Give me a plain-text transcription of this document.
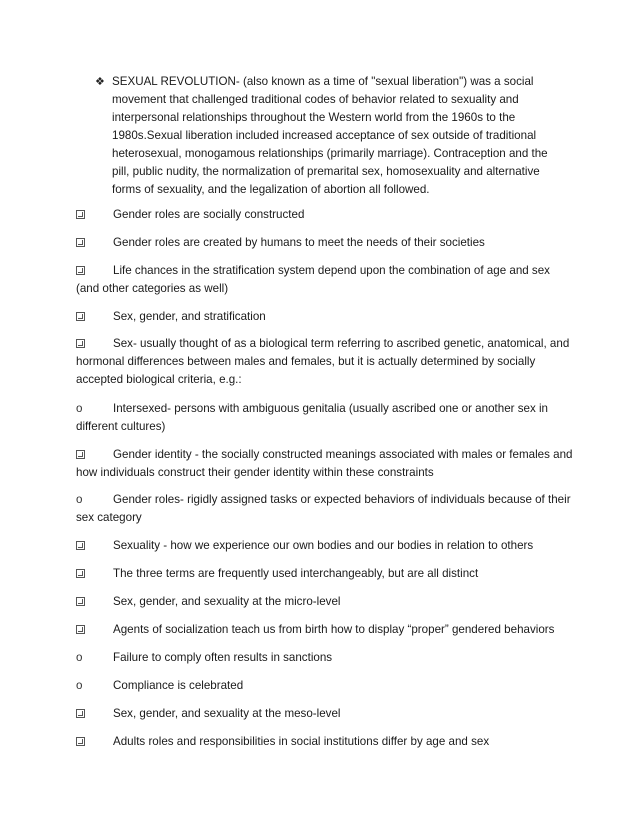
❖ SEXUAL REVOLUTION- (also known as a time of "sexual liberation") was a social movement that challenged traditional codes of behavior related to sexuality and interpersonal relationships throughout the Western world from the 1960s to the 1980s.Sexual liberation included increased acceptance of sex outside of traditional heterosexual, monogamous relationships (primarily marriage). Contraception and the pill, public nudity, the normalization of premarital sex, homosexuality and alternative forms of sexuality, and the legalization of abortion all followed.
Gender roles are socially constructed
Gender roles are created by humans to meet the needs of their societies
Life chances in the stratification system depend upon the combination of age and sex (and other categories as well)
Sex, gender, and stratification
Sex- usually thought of as a biological term referring to ascribed genetic, anatomical, and hormonal differences between males and females, but it is actually determined by socially accepted biological criteria, e.g.:
o	Intersexed- persons with ambiguous genitalia (usually ascribed one or another sex in different cultures)
Gender identity - the socially constructed meanings associated with males or females and how individuals construct their gender identity within these constraints
o	Gender roles- rigidly assigned tasks or expected behaviors of individuals because of their sex category
Sexuality - how we experience our own bodies and our bodies in relation to others
The three terms are frequently used interchangeably, but are all distinct
Sex, gender, and sexuality at the micro-level
Agents of socialization teach us from birth how to display “proper” gendered behaviors
o	Failure to comply often results in sanctions
o	Compliance is celebrated
Sex, gender, and sexuality at the meso-level
Adults roles and responsibilities in social institutions differ by age and sex
